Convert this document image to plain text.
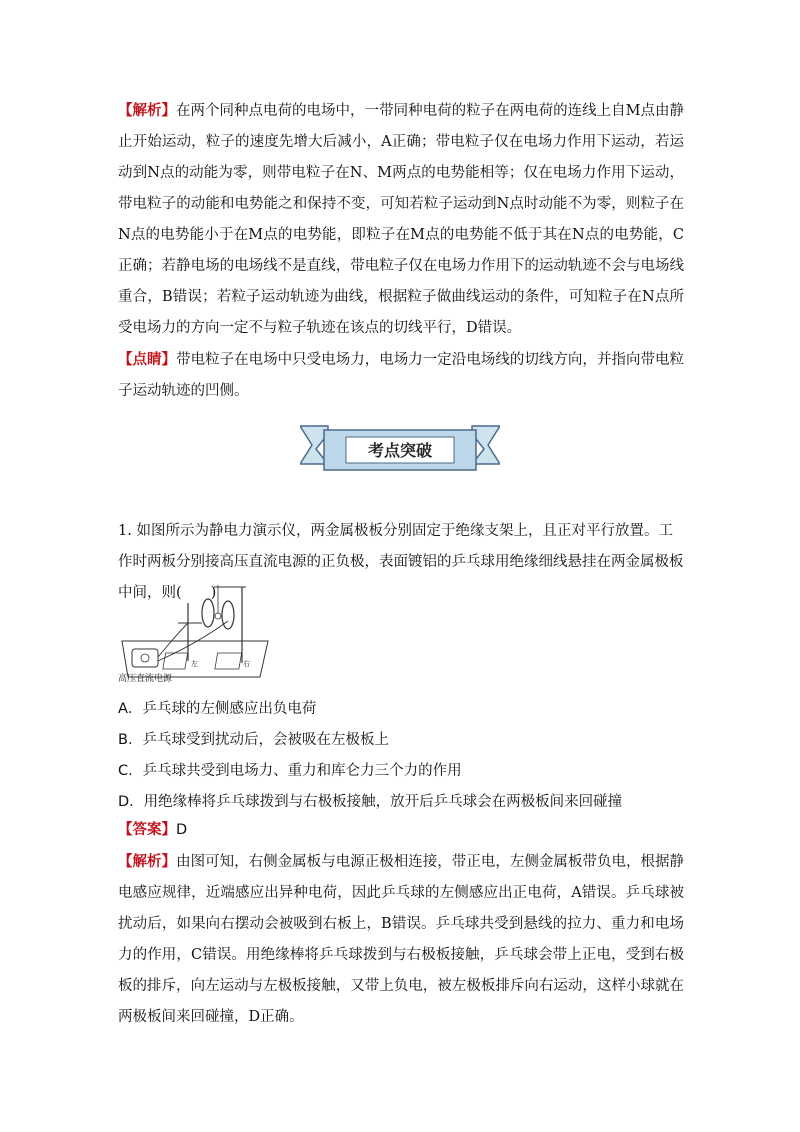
【解析】在两个同种点电荷的电场中，一带同种电荷的粒子在两电荷的连线上自M点由静止开始运动，粒子的速度先增大后减小，A正确；带电粒子仅在电场力作用下运动，若运动到N点的动能为零，则带电粒子在N、M两点的电势能相等；仅在电场力作用下运动，带电粒子的动能和电势能之和保持不变，可知若粒子运动到N点时动能不为零，则粒子在N点的电势能小于在M点的电势能，即粒子在M点的电势能不低于其在N点的电势能，C正确；若静电场的电场线不是直线，带电粒子仅在电场力作用下的运动轨迹不会与电场线重合，B错误；若粒子运动轨迹为曲线，根据粒子做曲线运动的条件，可知粒子在N点所受电场力的方向一定不与粒子轨迹在该点的切线平行，D错误。

【点睛】带电粒子在电场中只受电场力，电场力一定沿电场线的切线方向，并指向带电粒子运动轨迹的凹侧。

考点突破

1. 如图所示为静电力演示仪，两金属极板分别固定于绝缘支架上，且正对平行放置。工作时两板分别接高压直流电源的正负极，表面镀铝的乒乓球用绝缘细线悬挂在两金属极板中间，则(　　)

左	右
高压直流电源

A．乒乓球的左侧感应出负电荷

B．乒乓球受到扰动后，会被吸在左极板上

C．乒乓球共受到电场力、重力和库仑力三个力的作用

D．用绝缘棒将乒乓球拨到与右极板接触，放开后乒乓球会在两极板间来回碰撞

【答案】D

【解析】由图可知，右侧金属板与电源正极相连接，带正电，左侧金属板带负电，根据静电感应规律，近端感应出异种电荷，因此乒乓球的左侧感应出正电荷，A错误。乒乓球被扰动后，如果向右摆动会被吸到右板上，B错误。乒乓球共受到悬线的拉力、重力和电场力的作用，C错误。用绝缘棒将乒乓球拨到与右极板接触，乒乓球会带上正电，受到右极板的排斥，向左运动与左极板接触，又带上负电，被左极板排斥向右运动，这样小球就在两极板间来回碰撞，D正确。
